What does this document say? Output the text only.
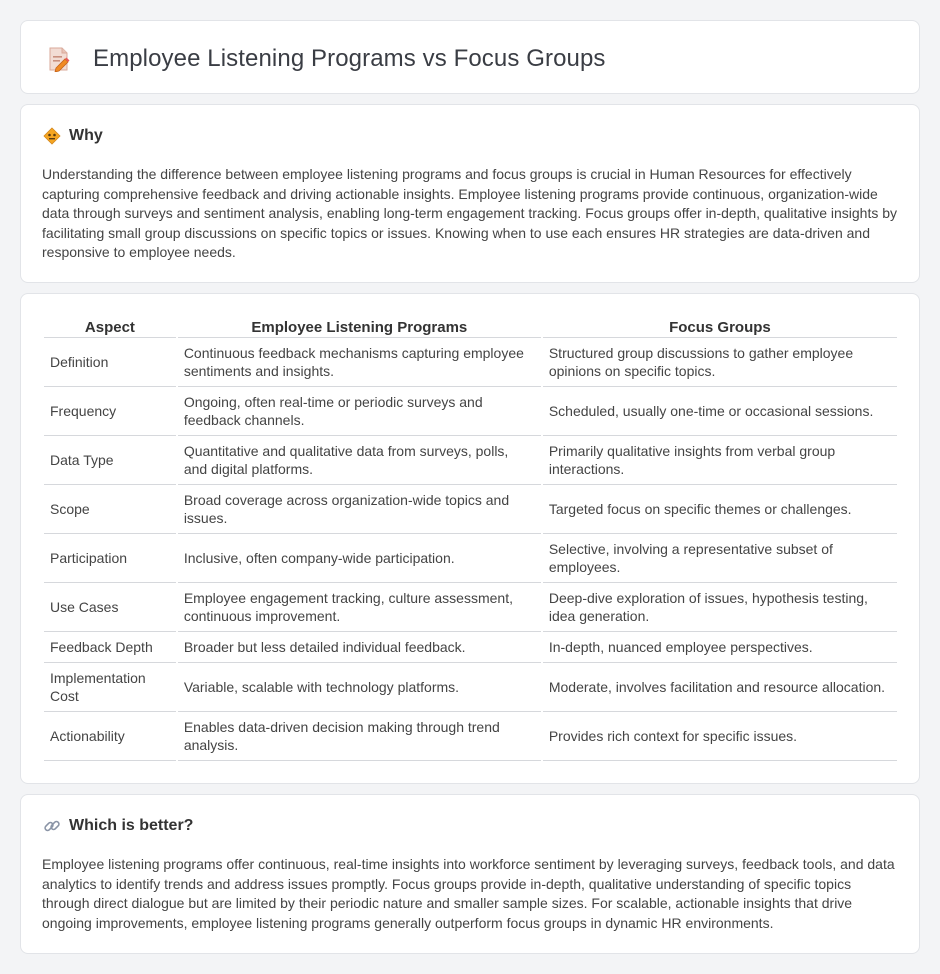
Employee Listening Programs vs Focus Groups
Why

Understanding the difference between employee listening programs and focus groups is crucial in Human Resources for effectively capturing comprehensive feedback and driving actionable insights. Employee listening programs provide continuous, organization-wide data through surveys and sentiment analysis, enabling long-term engagement tracking. Focus groups offer in-depth, qualitative insights by facilitating small group discussions on specific topics or issues. Knowing when to use each ensures HR strategies are data-driven and responsive to employee needs.

Aspect	Employee Listening Programs	Focus Groups
Definition	Continuous feedback mechanisms capturing employee sentiments and insights.	Structured group discussions to gather employee opinions on specific topics.
Frequency	Ongoing, often real-time or periodic surveys and feedback channels.	Scheduled, usually one-time or occasional sessions.
Data Type	Quantitative and qualitative data from surveys, polls, and digital platforms.	Primarily qualitative insights from verbal group interactions.
Scope	Broad coverage across organization-wide topics and issues.	Targeted focus on specific themes or challenges.
Participation	Inclusive, often company-wide participation.	Selective, involving a representative subset of employees.
Use Cases	Employee engagement tracking, culture assessment, continuous improvement.	Deep-dive exploration of issues, hypothesis testing, idea generation.
Feedback Depth	Broader but less detailed individual feedback.	In-depth, nuanced employee perspectives.
Implementation Cost	Variable, scalable with technology platforms.	Moderate, involves facilitation and resource allocation.
Actionability	Enables data-driven decision making through trend analysis.	Provides rich context for specific issues.
Which is better?

Employee listening programs offer continuous, real-time insights into workforce sentiment by leveraging surveys, feedback tools, and data analytics to identify trends and address issues promptly. Focus groups provide in-depth, qualitative understanding of specific topics through direct dialogue but are limited by their periodic nature and smaller sample sizes. For scalable, actionable insights that drive ongoing improvements, employee listening programs generally outperform focus groups in dynamic HR environments.
